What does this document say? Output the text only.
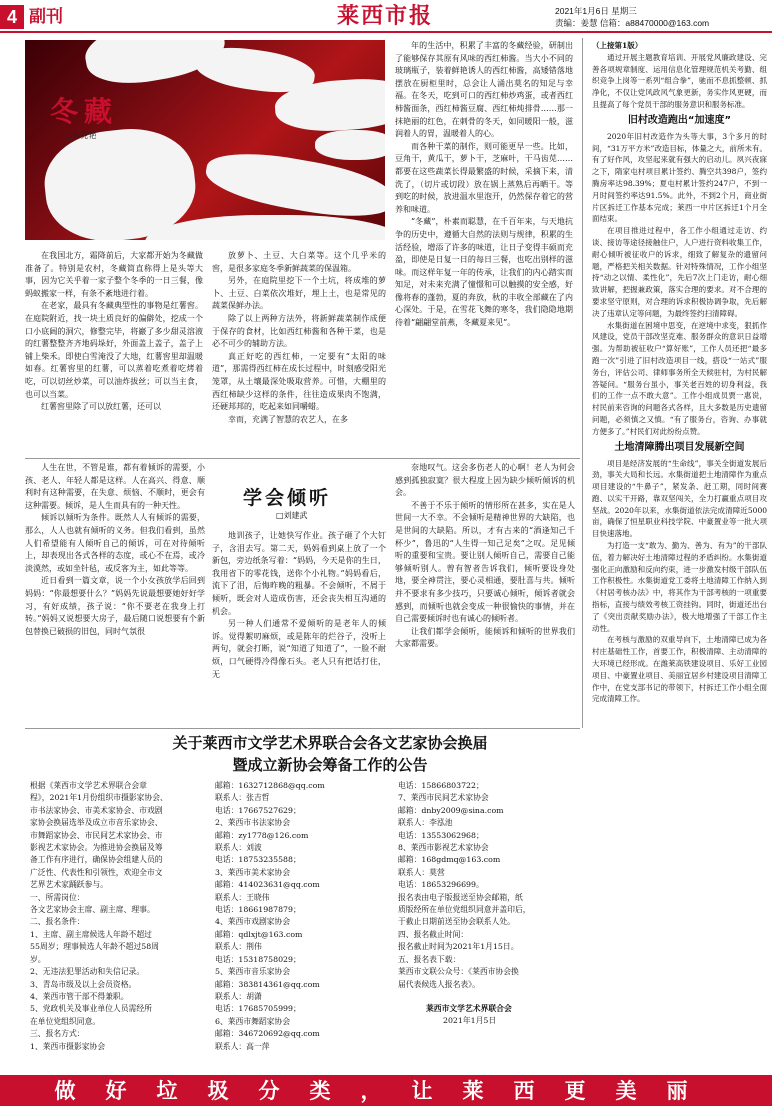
4 副刊	莱西市报	2021年1月6日 星期三
责编：姜慧 信箱：a88470000@163.com
冬藏
□孙克艳

在我国北方，霜降前后，大家都开始为冬藏做准备了。特别是农村，冬藏简直称得上是头等大事，因为它关乎着一家子整个冬季的一日三餐，像蚂蚁搬家一样，有条不紊地进行着。

在老家，最具有冬藏典型性的事物是红薯窖。在庭院附近，找一块土质良好的偏僻处，挖成一个口小底阔的洞穴，修整完毕，将巖了多少甜灵溶液的红薯整整齐齐地码垛好，外面盖上盖子，盖子上铺上柴禾。即使白雪淹没了大地，红薯窖里却温暖如春。红薯窖里的红薯，可以蒸着吃煮着吃烤着吃，可以切丝炒菜，可以油炸拔丝；可以当主食，也可以当菜。

红薯窖里除了可以放红薯，还可以

放萝卜、土豆、大白菜等。这个几乎米的窖，是很多家庭冬季新鲜蔬菜的保温箱。

另外，在庭院里挖下一个土坑，将成堆的萝卜、土豆、白菜依次堆好，埋上土，也是常见的蔬菜保鲜办法。

除了以上两种方法外，将新鲜蔬菜制作成便于保存的食材，比如西红柿酱和各种干菜，也是必不可少的辅助方法。

真正好吃的西红柿，一定要有“太阳的味道”，那需得西红柿在成长过程中，时刻感受阳光笼罩，从土壤最深处吸取营养。可惜，大棚里的西红柿缺少这样的条件，往往造成果肉不饱满，还硬邦邦的，吃起来如同嚼蜡。

幸而，充满了智慧的农艺人，在多

年的生活中，积累了丰富的冬藏经验，研制出了能够保存其原有风味的西红柿酱。当大小不同的玻璃瓶子，装着鲜艳诱人的西红柿酱，高矮错落地摆放在厨柜里时，总会让人涌出莫名的知足与幸福。在冬天，吃到可口的西红柿炒鸡蛋，或者西红柿酱面条，西红柿酱豆腐、西红柿炖排骨……那一抹艳丽的红色，在刺骨的冬天，如同暖阳一般，滋润着人的胃，温暖着人的心。

而各种干菜的制作，则可能更早一些。比如，豆角干，黄瓜干，萝卜干，芝麻叶，干马齿苋……都要在这些蔬菜长得最繁盛的时候，采摘下来，清洗了，（切片或切段）放在锅上蒸熟后再晒干。等到吃的时候，放进温水里泡开，仍然保存着它的营养和味道。

“冬藏”，朴素而聪慧，在千百年来，与天地抗争的历史中，遵循大自然的法则与规律，积累的生活经验，增添了许多的味道，让日子变得丰硕而充盈，即使是日复一日的每日三餐，也吃出别样的滋味。而这样年复一年的传承，让我们的内心踏实而知足，对未来充满了憧憬和可以触摸的安全感，好像将春的蓬勃，夏的奔放，秋的丰收全部藏在了内心深处。于是，在雪花飞舞的寒冬，我们隐隐地期待着“翩翩堂前燕，冬藏夏来见”。

学会倾听
□刘建武

人生在世，不管是谁，都有着倾诉的需要，小孩、老人、年轻人都是这样。人在高兴、得意、顺利时有这种需要，在失意、烦恼、不顺时，更会有这种需要。倾诉，是人生而具有的一种天性。

倾诉以倾听为条件。既然人人有倾诉的需要，那么，人人也就有倾听的义务。但我们看到，虽然人们希望能有人倾听自己的倾诉，可在对待倾听上，却表现出各式各样的态度，或心不在焉，或冷淡漠然，或如坐针毡，或反客为主，如此等等。

近日看到一篇文章，说一个小女孩放学后回到妈妈：“你最想要什么？”妈妈先说最想要她好好学习，有好成绩，孩子说：“你不要老在我身上打转。”妈妈又说想要大房子，最后随口说想要有个新包替换已破损的旧包，同时气氛很

地训孩子，让她快写作业。孩子砸了个大钉子，含泪去写。第二天，妈妈看到桌上放了一个新包，旁边纸条写着：“妈妈，今天是你的生日，我用省下的零花钱，送你个小礼物。”妈妈看后，流下了泪，后悔昨晚的粗暴。不会倾听，不屑于倾听，既会对人造成伤害，还会丧失相互沟通的机会。

另一种人们通常不爱倾听的是老年人的倾诉。觉得絮叨麻烦，或是陈年的烂谷子，没听上两句，就会打断，说“知道了知道了”，一脸不耐烦，口气硬得冷得像石头。老人只有把话打住，无

奈地叹气。这会多伤老人的心啊！老人为何会感到孤独寂寞？很大程度上因为缺少倾听倾诉的机会。

不善于不乐于倾听的情形所在甚多，实在是人世间一大不幸。不会倾听是精神世界的大缺陷，也是世间的大缺陷。所以，才有古来的“酒逢知己千杯少”，鲁迅的“人生得一知己足矣”之叹。足见倾听的重要和宝贵。要让别人倾听自己，需要自己能够倾听别人。曾有智者告诉我们，倾听要设身处地，要全神贯注，要心灵相通，要肚喜与共。倾听并不要求有多少技巧，只要诚心倾听，倾诉者就会感到，而倾听也就会变成一种很愉快的事情，并在自己需要倾诉时也有诚心的倾听者。

让我们都学会倾听，能倾诉和倾听的世界我们大家都需要。

（上接第1版）

通过开展主题教育培训、开展党风廉政建设、完善各项规章制度、运用信息化管理规范机关考勤、组织竞争上岗等一系列“组合拳”，驰而不息抓整顿、抓净化，不仅让党风政风气象更新，务实作风更硬，而且提高了每个党员干部的服务意识和服务标准。

旧村改造跑出“加速度”

2020年旧村改造作为头等大事，3个多月的时间，“31万平方米”改造目标，体量之大，前所未有。有了好作风，攻坚起来就有强大的启动儿。夙兴夜寐之下，隋家屯村项目累计签约、腾空共398户，签约腾房率达98.39%；夏屯村累计签约247户，不到一月时间签约率达91.5%。此外，不到2个月，商业街片区拆迁工作基本完成；莱西一中片区拆迁1个月全面结束。

在项目推进过程中，各工作小组通过走访、约谈、接访等途径接触住户，人户进行资料收集工作，耐心倾听被征收户的诉求，细致了解复杂的遗留问题，严格把关相关数据。针对特殊情况，工作小组坚持“动之以情、柔性化”，先后7次上门走访，耐心细致讲解，把握兼政策，落实合理的要求。对不合理的要求坚守原则，对合理的诉求积极协调争取，先后解决了违章认定等问题，为最终签约扫清障碍。

水集街道在困境中思变，在逆境中求变，狠抓作风建设，党员干部改坚克难、服务群众的意识日益增强。为帮助被征收户“算好账”，工作人员还把“最多跑一次”引进了旧村改造项目一线，搭设“一站式”服务台，评估公司、律师事务所全天候驻村，为村民解答疑问。“服务台虽小，事关老百姓的切身利益，我们的工作一点不敢大意”。工作小组成员贾一惠说，村民前来咨询的问题各式各样，且大多数是历史遗留问题，必须慎之又慎。“有了服务台，咨询、办事就方便多了。”村民们对此纷纷点赞。

土地清障腾出项目发展新空间

项目是经济发展的“生命线”，事关全街道发展后劲，事关大局和长远。水集街道把土地清障作为重点项目建设的“牛鼻子”，紧发条、赶工期，同时间赛跑、以实干开路，靠双坚闯关，全力打赢重点项目攻坚战。2020年以来，水集街道依法完成清障近5000亩，确保了恒星职业科技学院、中豪置业等一批大项目快速落地。

为打造一支“敢为、勤为、善为、有为”的干部队伍，着力解决好土地清障过程的矛盾纠纷。水集街道强化正向激励和反向约束，进一步激发村级干部队伍工作积极性。水集街道党工委将土地清障工作纳入到《村居考核办法》中，将其作为干部考核的一项重要指标，直接与绩效考核工资挂钩。同时，街道还出台了《突出贡献奖励办法》，极大地增强了干部工作主动性。

在考核与激励的双重导向下，土地清障已成为各村庄基础性工作，首要工作，积极清障、主动清障的大环境已经形成。在潍莱高铁建设项目、乐好工业园项目、中豪置业项目、美丽宜居乡村建设项目清障工作中，在党支部书记的带领下，村拆迁工作小组全面完成清障工作。

关于莱西市文学艺术界联合会各文艺家协会换届
暨成立新协会筹备工作的公告
根据《莱西市文学艺术界联合会章
程》，2021年1月份组织市摄影家协会、
市书法家协会、市美术家协会、市戏剧
家协会换届选举及成立市音乐家协会、
市舞蹈家协会、市民间艺术家协会、市
影视艺术家协会。为推进协会换届及筹
备工作有序进行，确保协会组建人员的
广泛性、代表性和引领性，欢迎全市文
艺界艺术家踊跃参与。
一、所需岗位：
各文艺家协会主席、副主席、理事。
二、报名条件：
1、主席、副主席候选人年龄不超过
55周岁；理事候选人年龄不超过58周
岁。
2、无违法犯罪活动和失信记录。
3、青岛市级及以上会员资格。
4、莱西市管干部不得兼职。
5、党政机关及事业单位人员需经所
在单位党组织同意。
三、报名方式：
1、莱西市摄影家协会
邮箱：1632712868@qq.com
联系人：张吉哲
电话：17667527629；
2、莱西市书法家协会
邮箱：zy1778@126.com
联系人：刘波
电话：18753235588；
3、莱西市美术家协会
邮箱：414023631@qq.com
联系人：王晓伟
电话：18661987879；
4、莱西市戏剧家协会
邮箱：qdlxjt@163.com
联系人：荆伟
电话：15318758029；
5、莱西市音乐家协会
邮箱：383814361@qq.com
联系人：胡潇
电话：17685705999；
6、莱西市舞蹈家协会
邮箱：346720692@qq.com
联系人：高一萍
电话：15866803722；
7、莱西市民间艺术家协会
邮箱：dnby2009@sina.com
联系人：李泓池
电话：13553062968；
8、莱西市影视艺术家协会
邮箱：168gdmq@163.com
联系人：莫营
电话：18653296699。
报名表由电子版报送至协会邮箱，纸
质版经所在单位党组织同意并盖印后，
于截止日期前送至协会联系人处。
四、报名截止时间：
报名截止时间为2021年1月15日。
五、报名表下载：
莱西市文联公众号：《莱西市协会换
届代表候选人报名表》。
莱西市文学艺术界联合会
2021年1月5日
做好垃圾分类，让莱西更美丽
